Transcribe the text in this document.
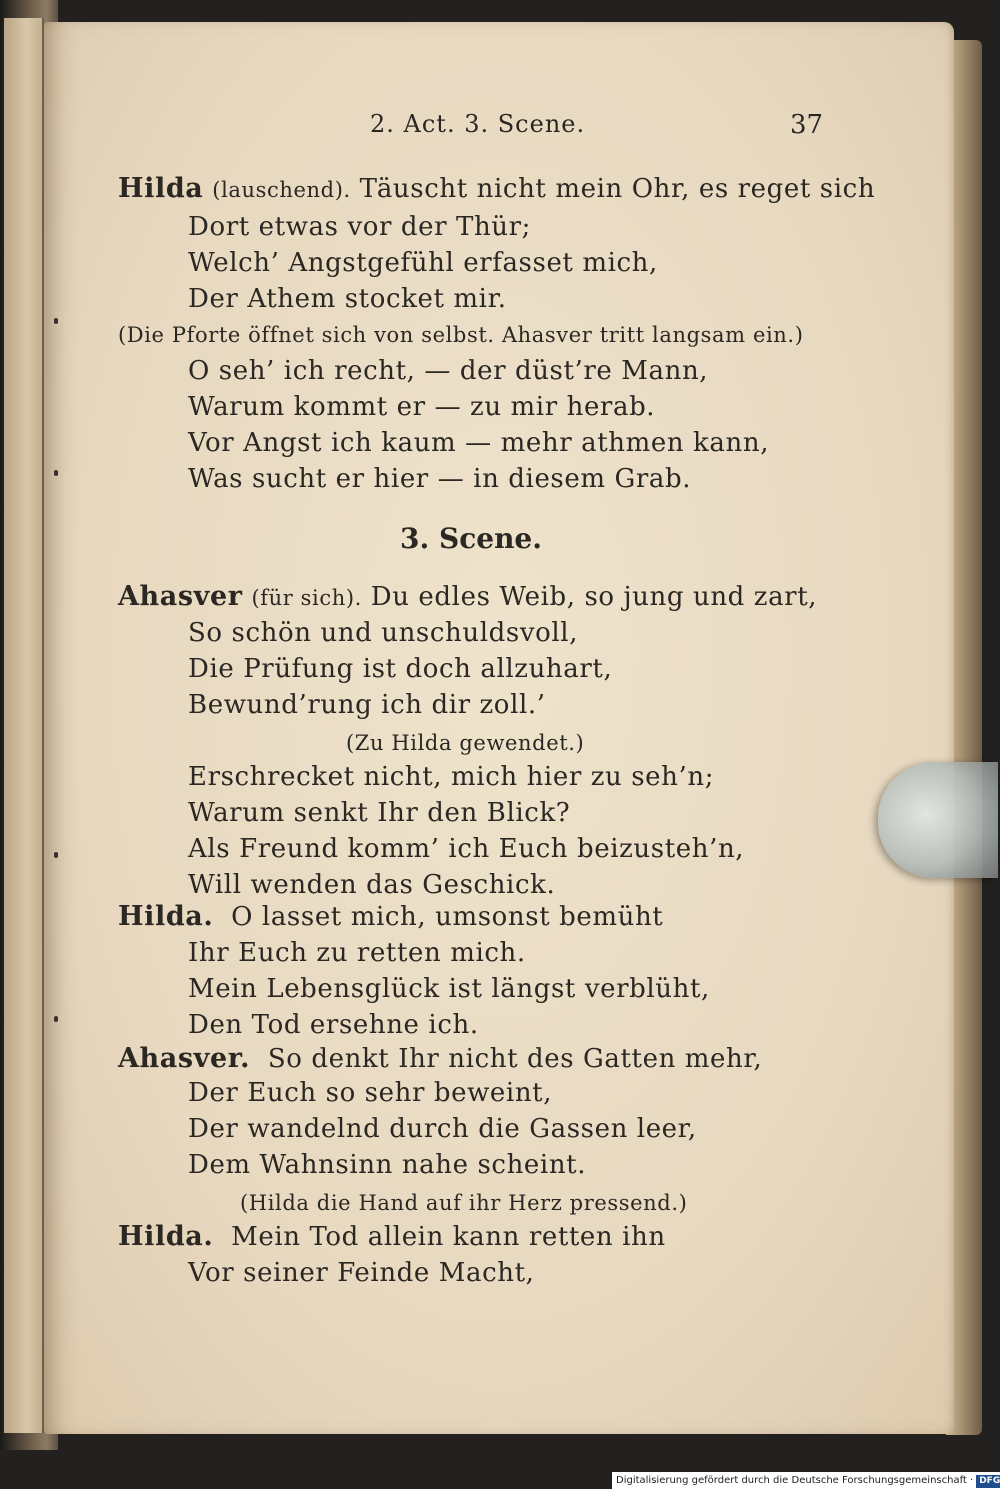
2. Act. 3. Scene.	37
Hilda (lauschend). Täuscht nicht mein Ohr, es reget sich
Dort etwas vor der Thür;
Welch’ Angstgefühl erfasset mich,
Der Athem stocket mir.
(Die Pforte öffnet sich von selbst. Ahasver tritt langsam ein.)
O seh’ ich recht, — der düst’re Mann,
Warum kommt er — zu mir herab.
Vor Angst ich kaum — mehr athmen kann,
Was sucht er hier — in diesem Grab.
3. Scene.
Ahasver (für sich). Du edles Weib, so jung und zart,
So schön und unschuldsvoll,
Die Prüfung ist doch allzuhart,
Bewund’rung ich dir zoll.’
(Zu Hilda gewendet.)
Erschrecket nicht, mich hier zu seh’n;
Warum senkt Ihr den Blick?
Als Freund komm’ ich Euch beizusteh’n,
Will wenden das Geschick.
Hilda. O lasset mich, umsonst bemüht
Ihr Euch zu retten mich.
Mein Lebensglück ist längst verblüht,
Den Tod ersehne ich.
Ahasver. So denkt Ihr nicht des Gatten mehr,
Der Euch so sehr beweint,
Der wandelnd durch die Gassen leer,
Dem Wahnsinn nahe scheint.
(Hilda die Hand auf ihr Herz pressend.)
Hilda. Mein Tod allein kann retten ihn
Vor seiner Feinde Macht,
Digitalisierung gefördert durch die Deutsche Forschungsgemeinschaft · DFG
